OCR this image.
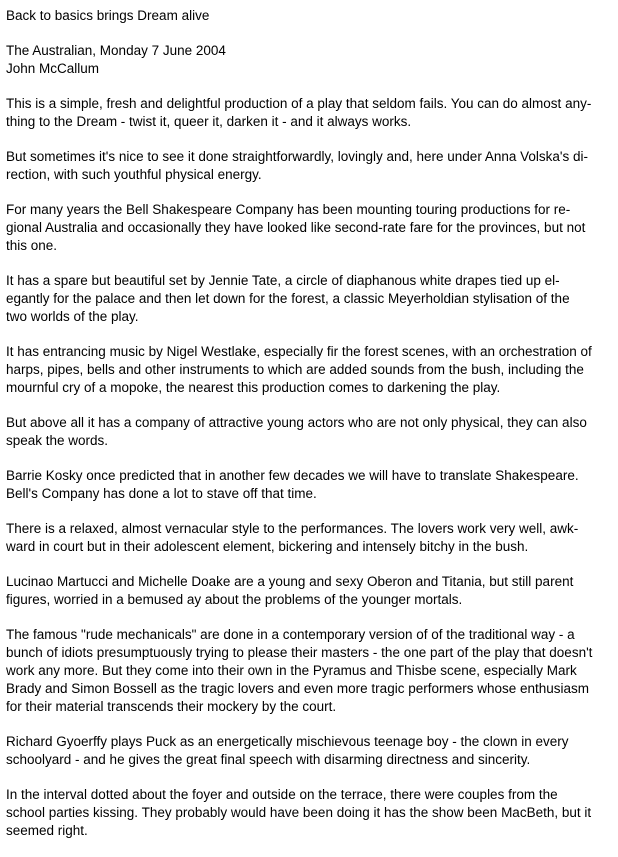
Back to basics brings Dream alive

The Australian, Monday 7 June 2004
John McCallum

This is a simple, fresh and delightful production of a play that seldom fails. You can do almost any-
thing to the Dream - twist it, queer it, darken it - and it always works.

But sometimes it's nice to see it done straightforwardly, lovingly and, here under Anna Volska's di-
rection, with such youthful physical energy.

For many years the Bell Shakespeare Company has been mounting touring productions for re-
gional Australia and occasionally they have looked like second-rate fare for the provinces, but not
this one.

It has a spare but beautiful set by Jennie Tate, a circle of diaphanous white drapes tied up el-
egantly for the palace and then let down for the forest, a classic Meyerholdian stylisation of the
two worlds of the play.

It has entrancing music by Nigel Westlake, especially fir the forest scenes, with an orchestration of
harps, pipes, bells and other instruments to which are added sounds from the bush, including the
mournful cry of a mopoke, the nearest this production comes to darkening the play.

But above all it has a company of attractive young actors who are not only physical, they can also
speak the words.

Barrie Kosky once predicted that in another few decades we will have to translate Shakespeare.
Bell's Company has done a lot to stave off that time.

There is a relaxed, almost vernacular style to the performances. The lovers work very well, awk-
ward in court but in their adolescent element, bickering and intensely bitchy in the bush.

Lucinao Martucci and Michelle Doake are a young and sexy Oberon and Titania, but still parent
figures, worried in a bemused ay about the problems of the younger mortals.

The famous "rude mechanicals" are done in a contemporary version of of the traditional way - a
bunch of idiots presumptuously trying to please their masters - the one part of the play that doesn't
work any more. But they come into their own in the Pyramus and Thisbe scene, especially Mark
Brady and Simon Bossell as the tragic lovers and even more tragic performers whose enthusiasm
for their material transcends their mockery by the court.

Richard Gyoerffy plays Puck as an energetically mischievous teenage boy - the clown in every
schoolyard - and he gives the great final speech with disarming directness and sincerity.

In the interval dotted about the foyer and outside on the terrace, there were couples from the
school parties kissing. They probably would have been doing it has the show been MacBeth, but it
seemed right.
